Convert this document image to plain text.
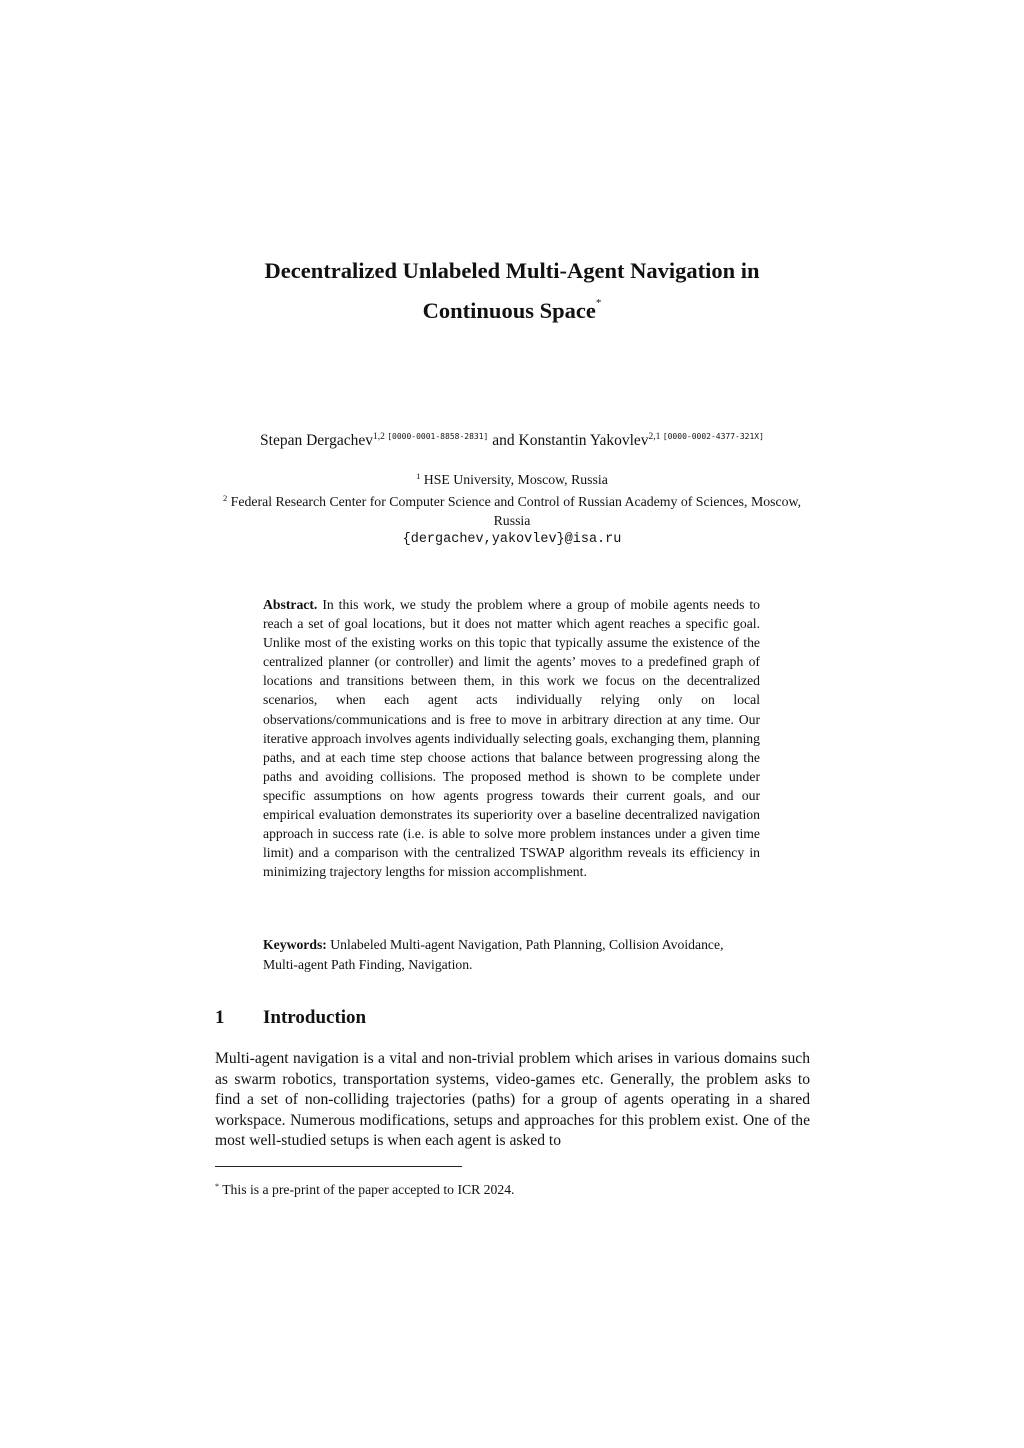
Decentralized Unlabeled Multi-Agent Navigation in
Continuous Space*
Stepan Dergachev$^{1,2 [0000-0001-8858-2831]}$ and Konstantin Yakovlev$^{2,1 [0000-0002-4377-321X]}$
$^1$ HSE University, Moscow, Russia
$^2$ Federal Research Center for Computer Science and Control of Russian Academy of Sciences, Moscow, Russia
{dergachev,yakovlev}@isa.ru
Abstract. In this work, we study the problem where a group of mobile agents needs to reach a set of goal locations, but it does not matter which agent reaches a specific goal. Unlike most of the existing works on this topic that typically assume the existence of the centralized planner (or controller) and limit the agents’ moves to a predefined graph of locations and transitions between them, in this work we focus on the decentralized scenarios, when each agent acts individually relying only on local observations/communications and is free to move in arbitrary direction at any time. Our iterative approach involves agents individually selecting goals, exchanging them, planning paths, and at each time step choose actions that balance between progressing along the paths and avoiding collisions. The proposed method is shown to be complete under specific assumptions on how agents progress towards their current goals, and our empirical evaluation demonstrates its superiority over a baseline decentralized navigation approach in success rate (i.e. is able to solve more problem instances under a given time limit) and a comparison with the centralized TSWAP algorithm reveals its efficiency in minimizing trajectory lengths for mission accomplishment.
Keywords: Unlabeled Multi-agent Navigation, Path Planning, Collision Avoidance, Multi-agent Path Finding, Navigation.
1 Introduction
Multi-agent navigation is a vital and non-trivial problem which arises in various domains such as swarm robotics, transportation systems, video-games etc. Generally, the problem asks to find a set of non-colliding trajectories (paths) for a group of agents operating in a shared workspace. Numerous modifications, setups and approaches for this problem exist. One of the most well-studied setups is when each agent is asked to
* This is a pre-print of the paper accepted to ICR 2024.
